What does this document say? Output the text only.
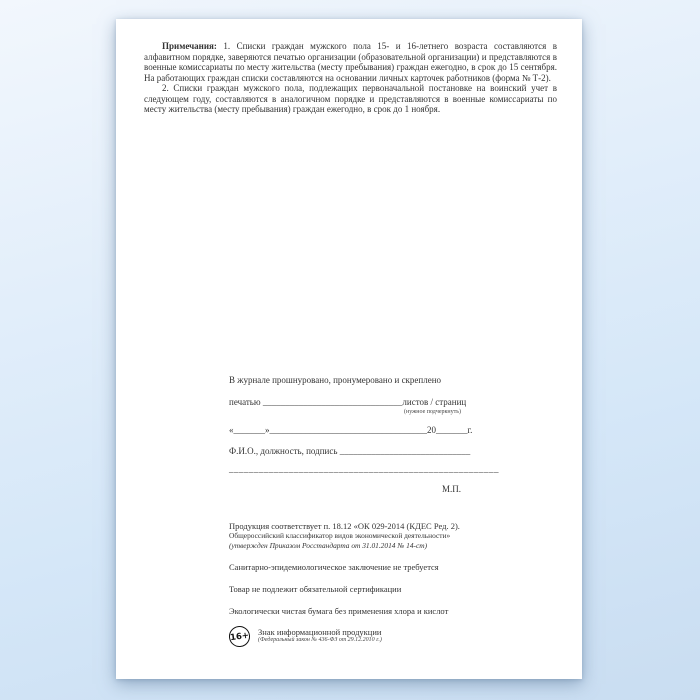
Примечания: 1. Списки граждан мужского пола 15- и 16-летнего возраста составляются в алфавитном порядке, заверяются печатью организации (образовательной организации) и представляются в военные комиссариаты по месту жительства (месту пребывания) граждан ежегодно, в срок до 15 сентября. На работающих граждан списки составляются на основании личных карточек работников (форма № Т-2).

2. Списки граждан мужского пола, подлежащих первоначальной постановке на воинский учет в следующем году, составляются в аналогичном порядке и представляются в военные комиссариаты по месту жительства (месту пребывания) граждан ежегодно, в срок до 1 ноября.

В журнале прошнуровано, пронумеровано и скреплено

печатью _______________________________листов / страниц

(нужное подчеркнуть)

«_______»___________________________________20_______г.

Ф.И.О., должность, подпись _____________________________

______________________________________________________

М.П.

Продукция соответствует п. 18.12 «ОК 029-2014 (КДЕС Ред. 2).

Общероссийский классификатор видов экономической деятельности»

(утвержден Приказом Росстандарта от 31.01.2014 № 14-ст)

Санитарно-эпидемиологическое заключение не требуется

Товар не подлежит обязательной сертификации

Экологически чистая бумага без применения хлора и кислот

16+ Знак информационной продукции

(Федеральный закон № 436-ФЗ от 29.12.2010 г.)
